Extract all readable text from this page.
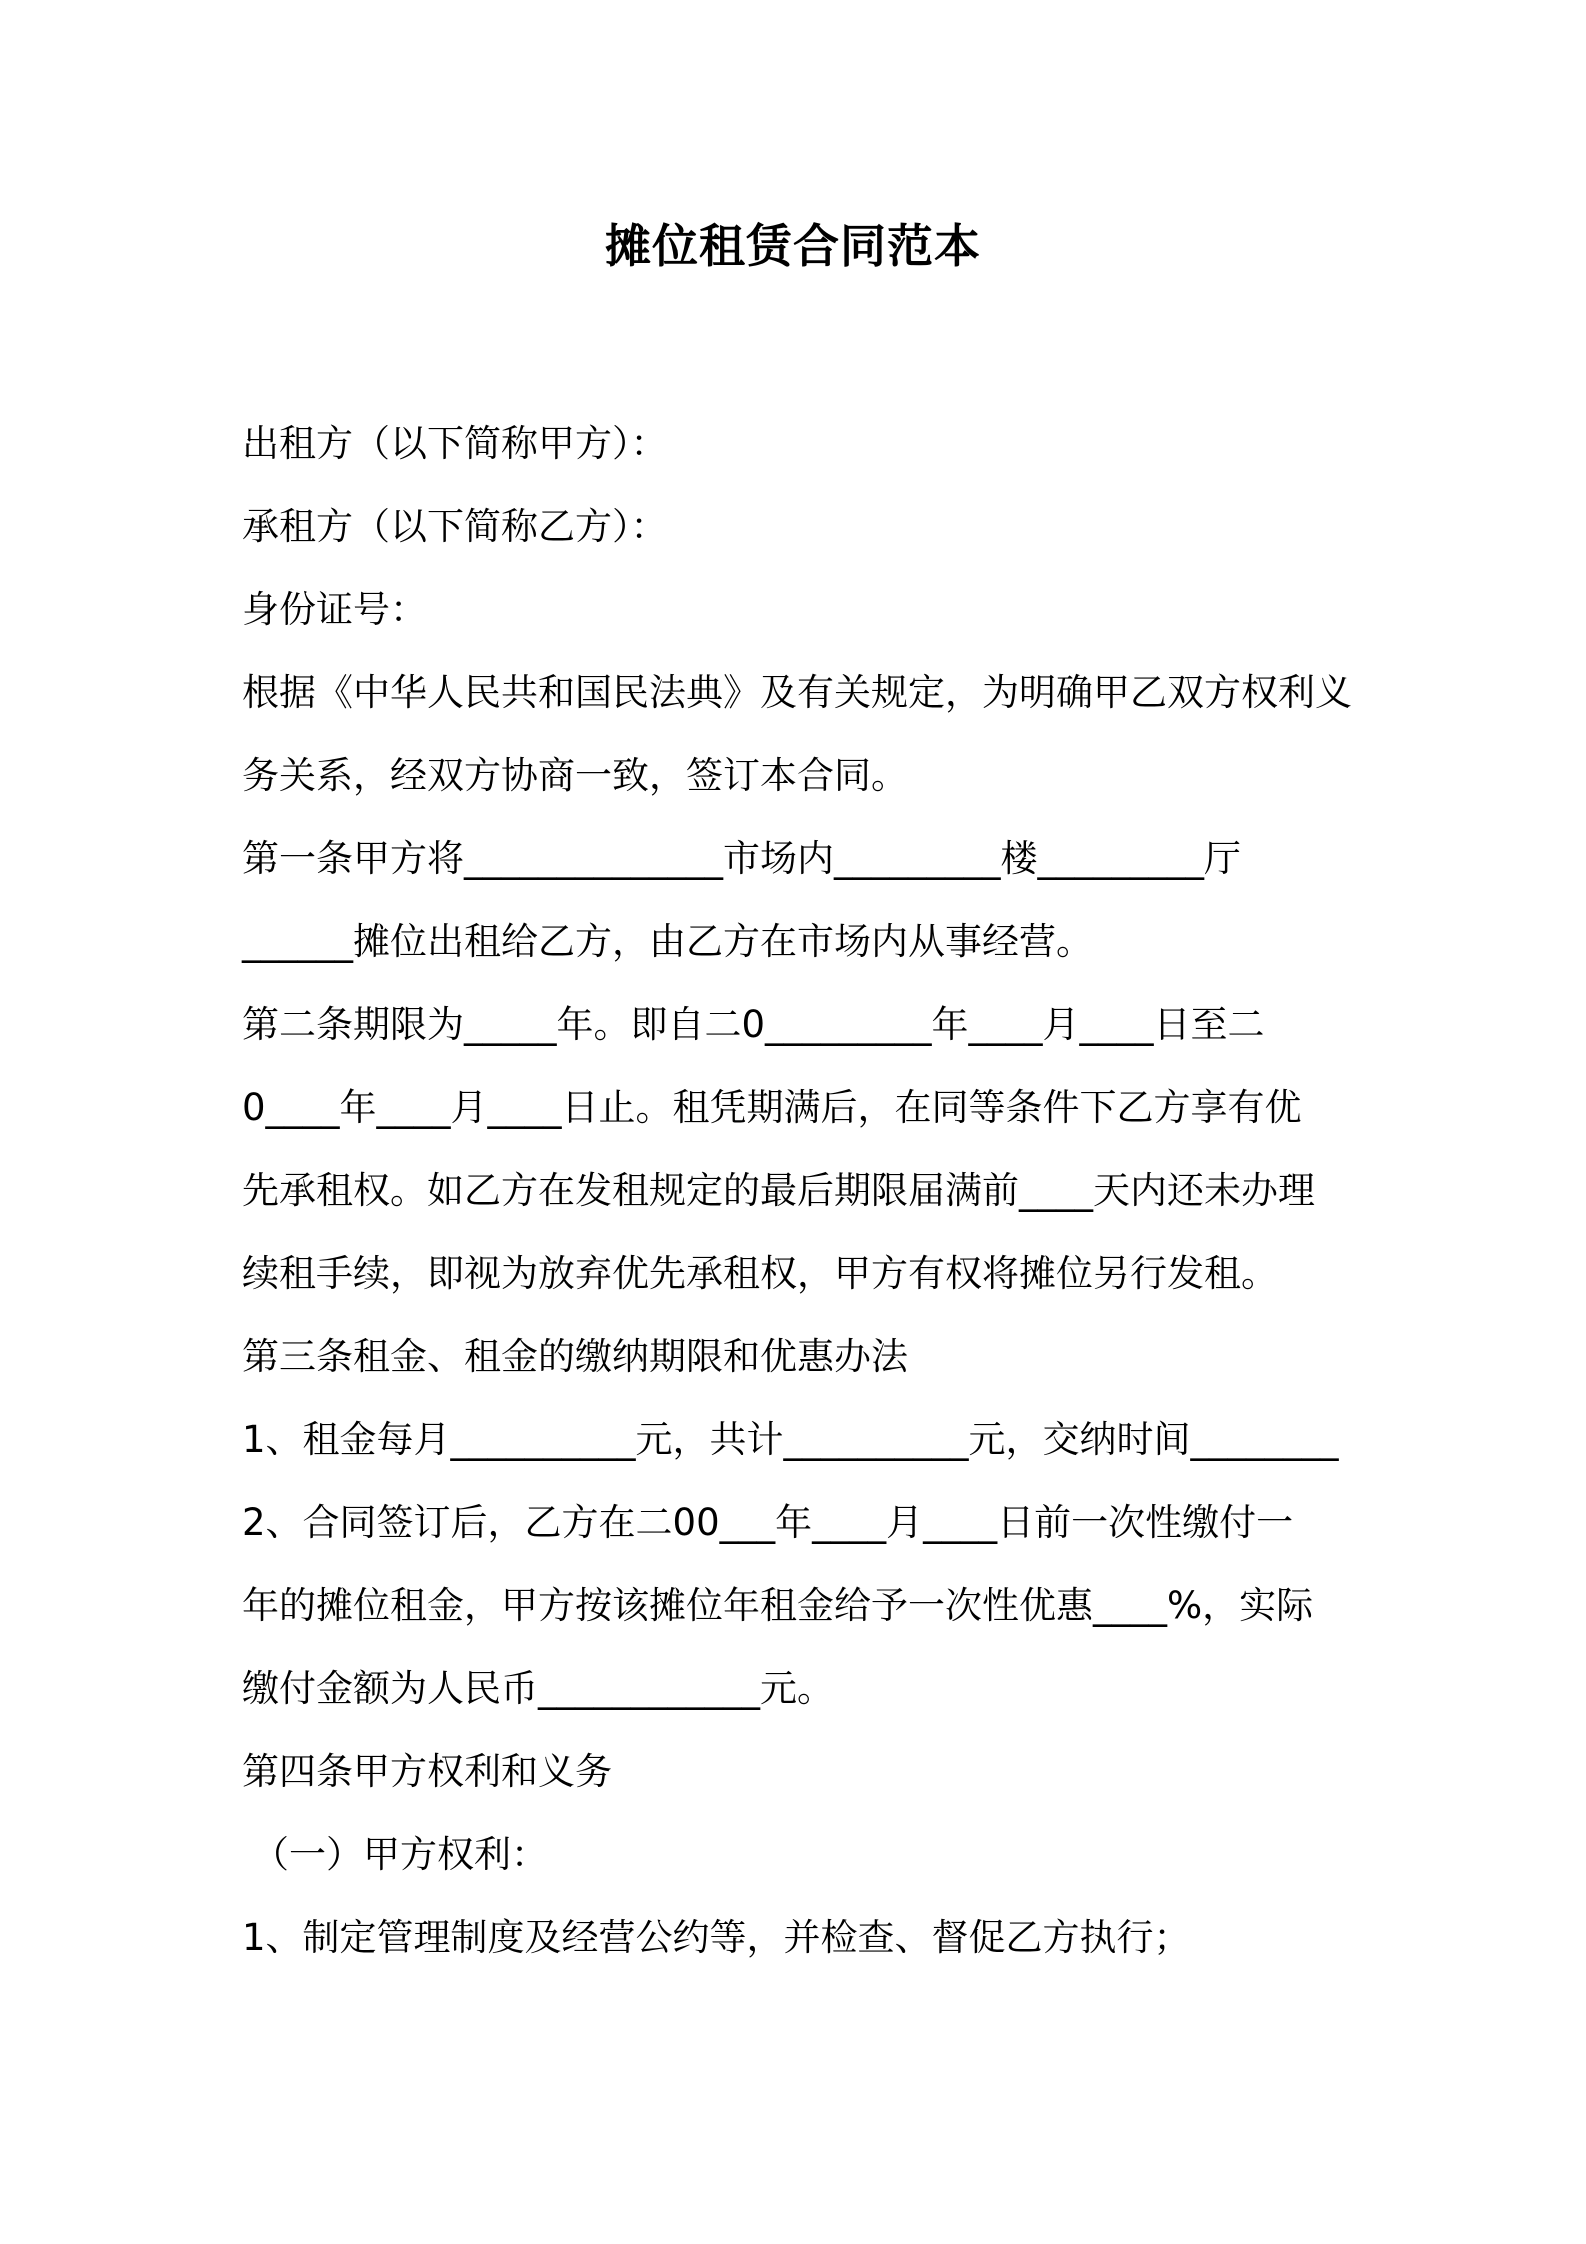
摊位租赁合同范本
出租方（以下简称甲方）：
承租方（以下简称乙方）：
身份证号：
根据《中华人民共和国民法典》及有关规定，为明确甲乙双方权利义
务关系，经双方协商一致，签订本合同。
第一条甲方将______________市场内_________楼_________厅
______摊位出租给乙方，由乙方在市场内从事经营。
第二条期限为_____年。即自二0_________年____月____日至二
0____年____月____日止。租凭期满后，在同等条件下乙方享有优
先承租权。如乙方在发租规定的最后期限届满前____天内还未办理
续租手续，即视为放弃优先承租权，甲方有权将摊位另行发租。
第三条租金、租金的缴纳期限和优惠办法
1、租金每月__________元，共计__________元，交纳时间________
2、合同签订后，乙方在二00___年____月____日前一次性缴付一
年的摊位租金，甲方按该摊位年租金给予一次性优惠____%，实际
缴付金额为人民币____________元。
第四条甲方权利和义务
（一）甲方权利：
1、制定管理制度及经营公约等，并检查、督促乙方执行；
